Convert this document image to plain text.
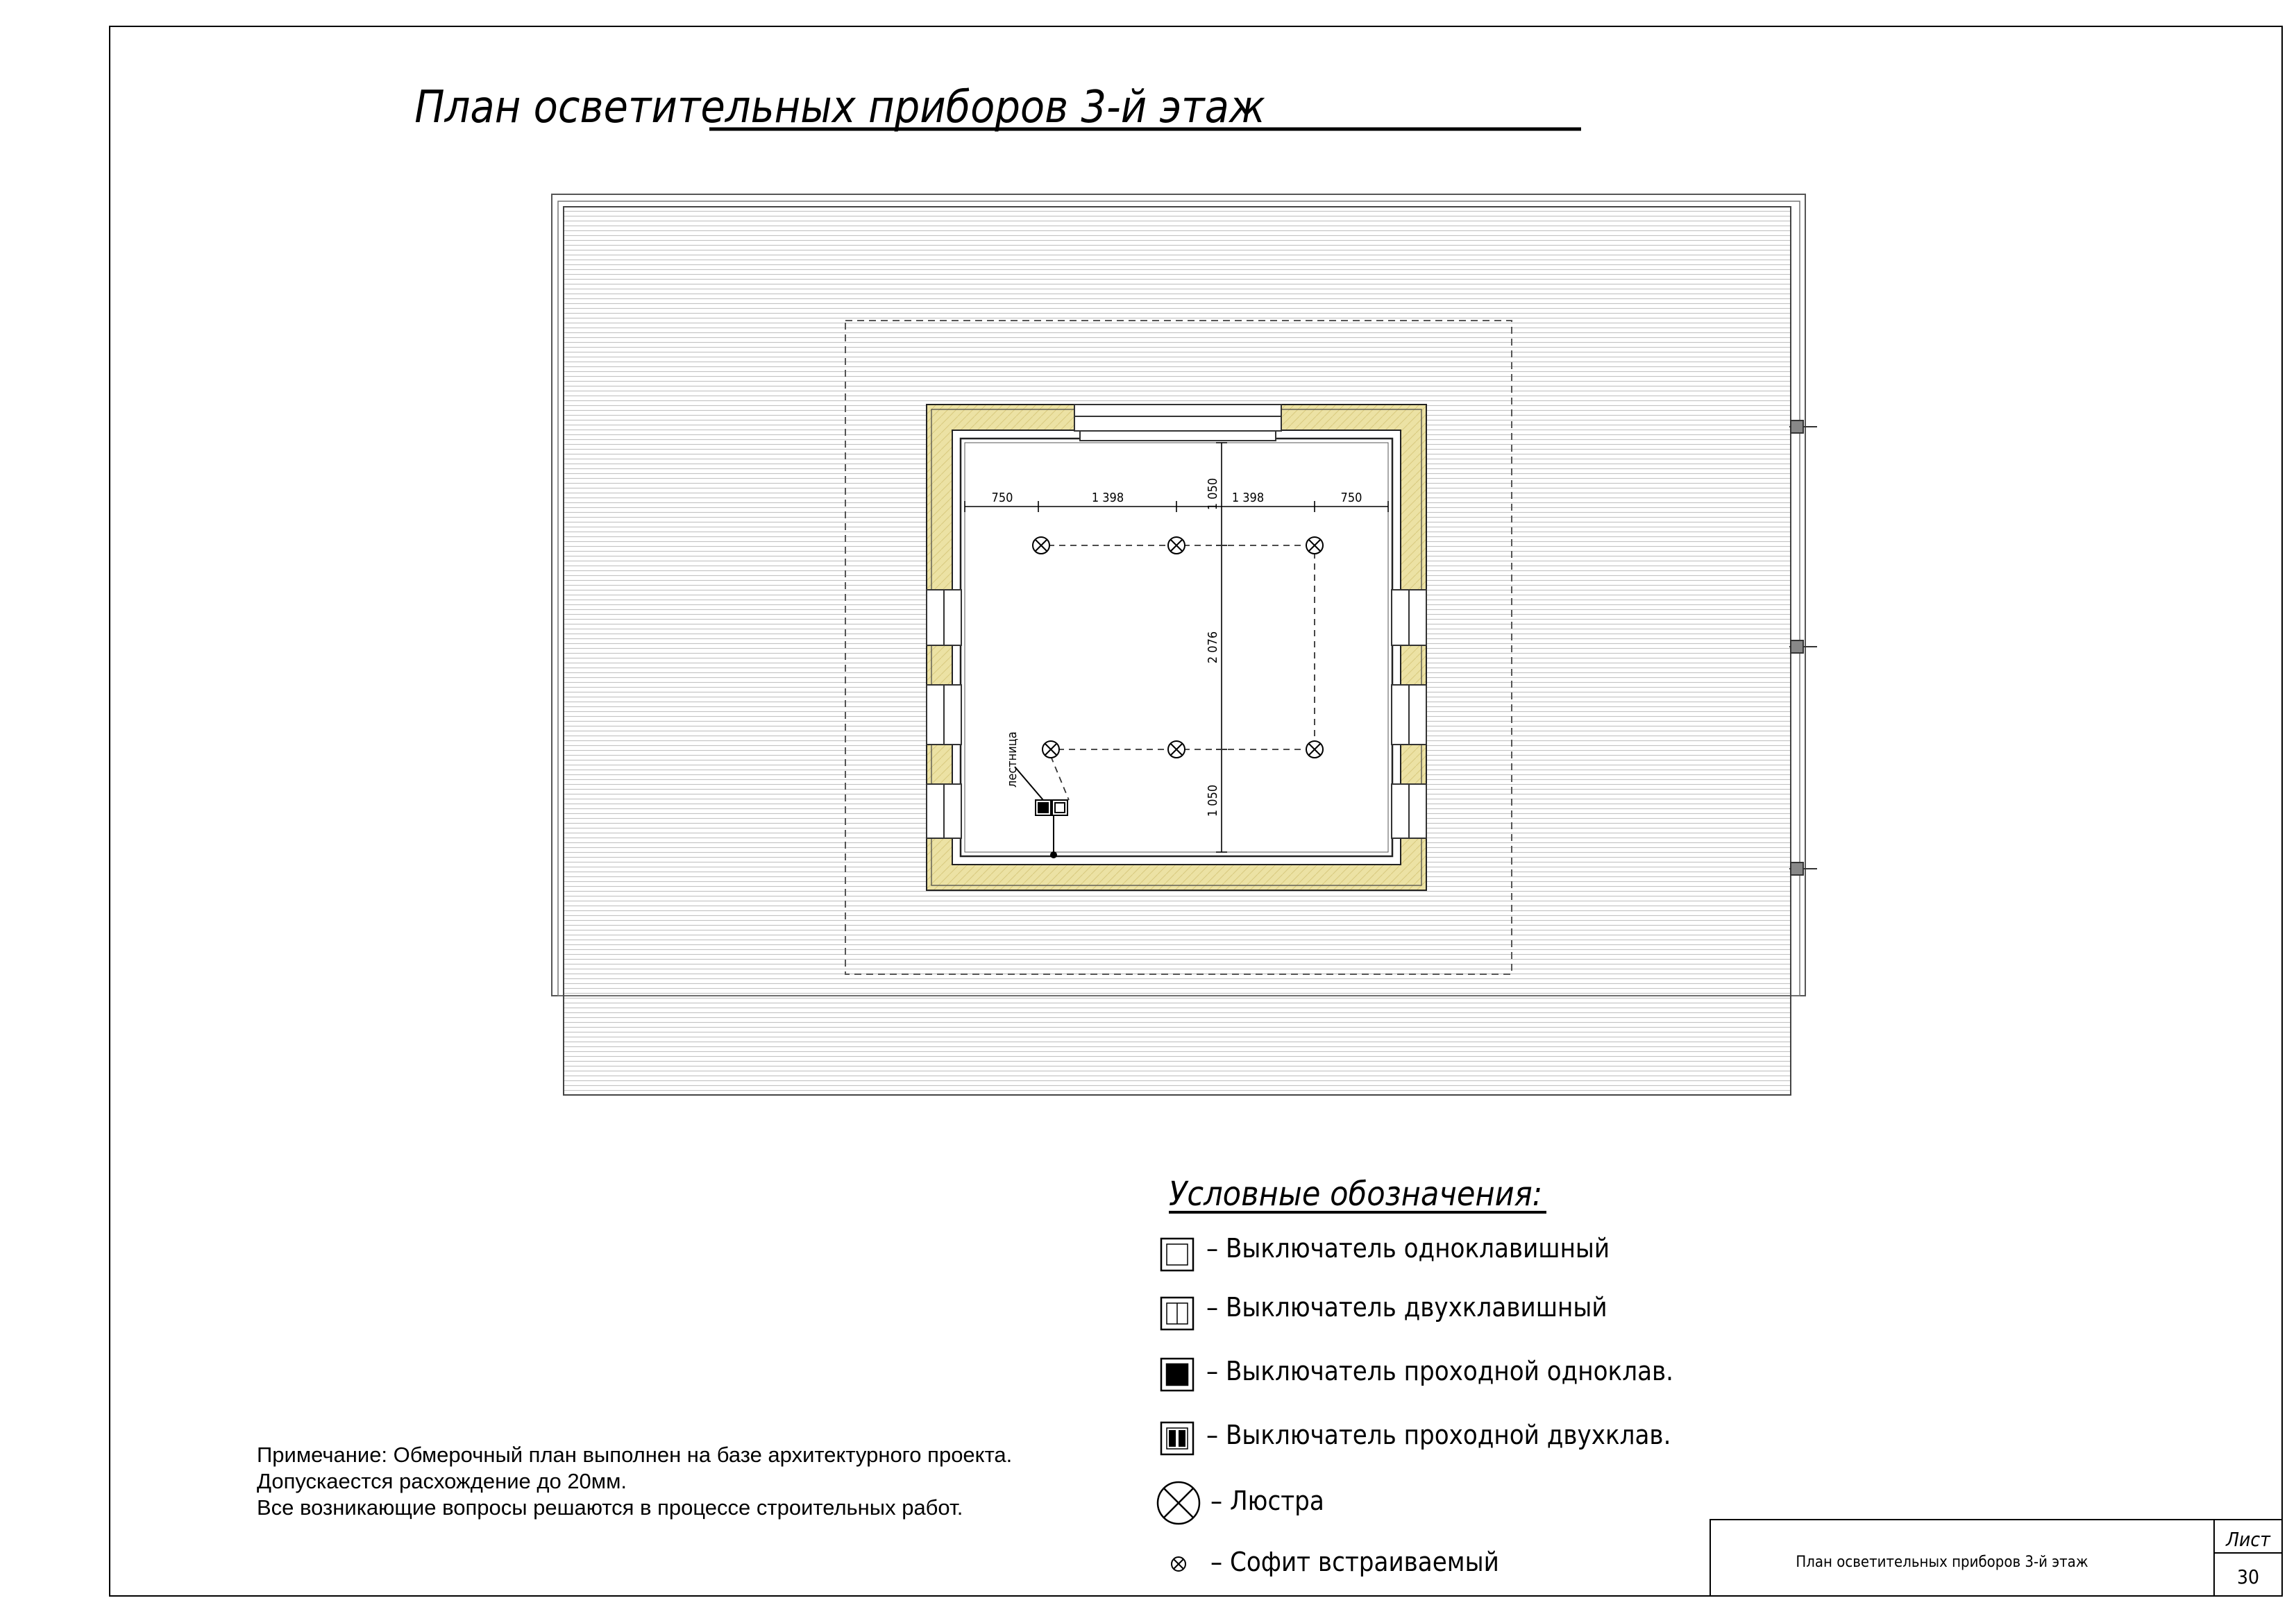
План осветительных приборов 3-й этаж
750	1 398	1 398	750
1 050
2 076
1 050
лестница
Условные обозначения:
– Выключатель одноклавишный
– Выключатель двухклавишный
– Выключатель проходной одноклав.
– Выключатель проходной двухклав.
– Люстра
– Софит встраиваемый	План осветительных приборов 3-й этаж
Лист
30
Примечание: Обмерочный план выполнен на базе архитектурного проекта.
Допускаестся расхождение до 20мм.
Все возникающие вопросы решаются в процессе строительных работ.
